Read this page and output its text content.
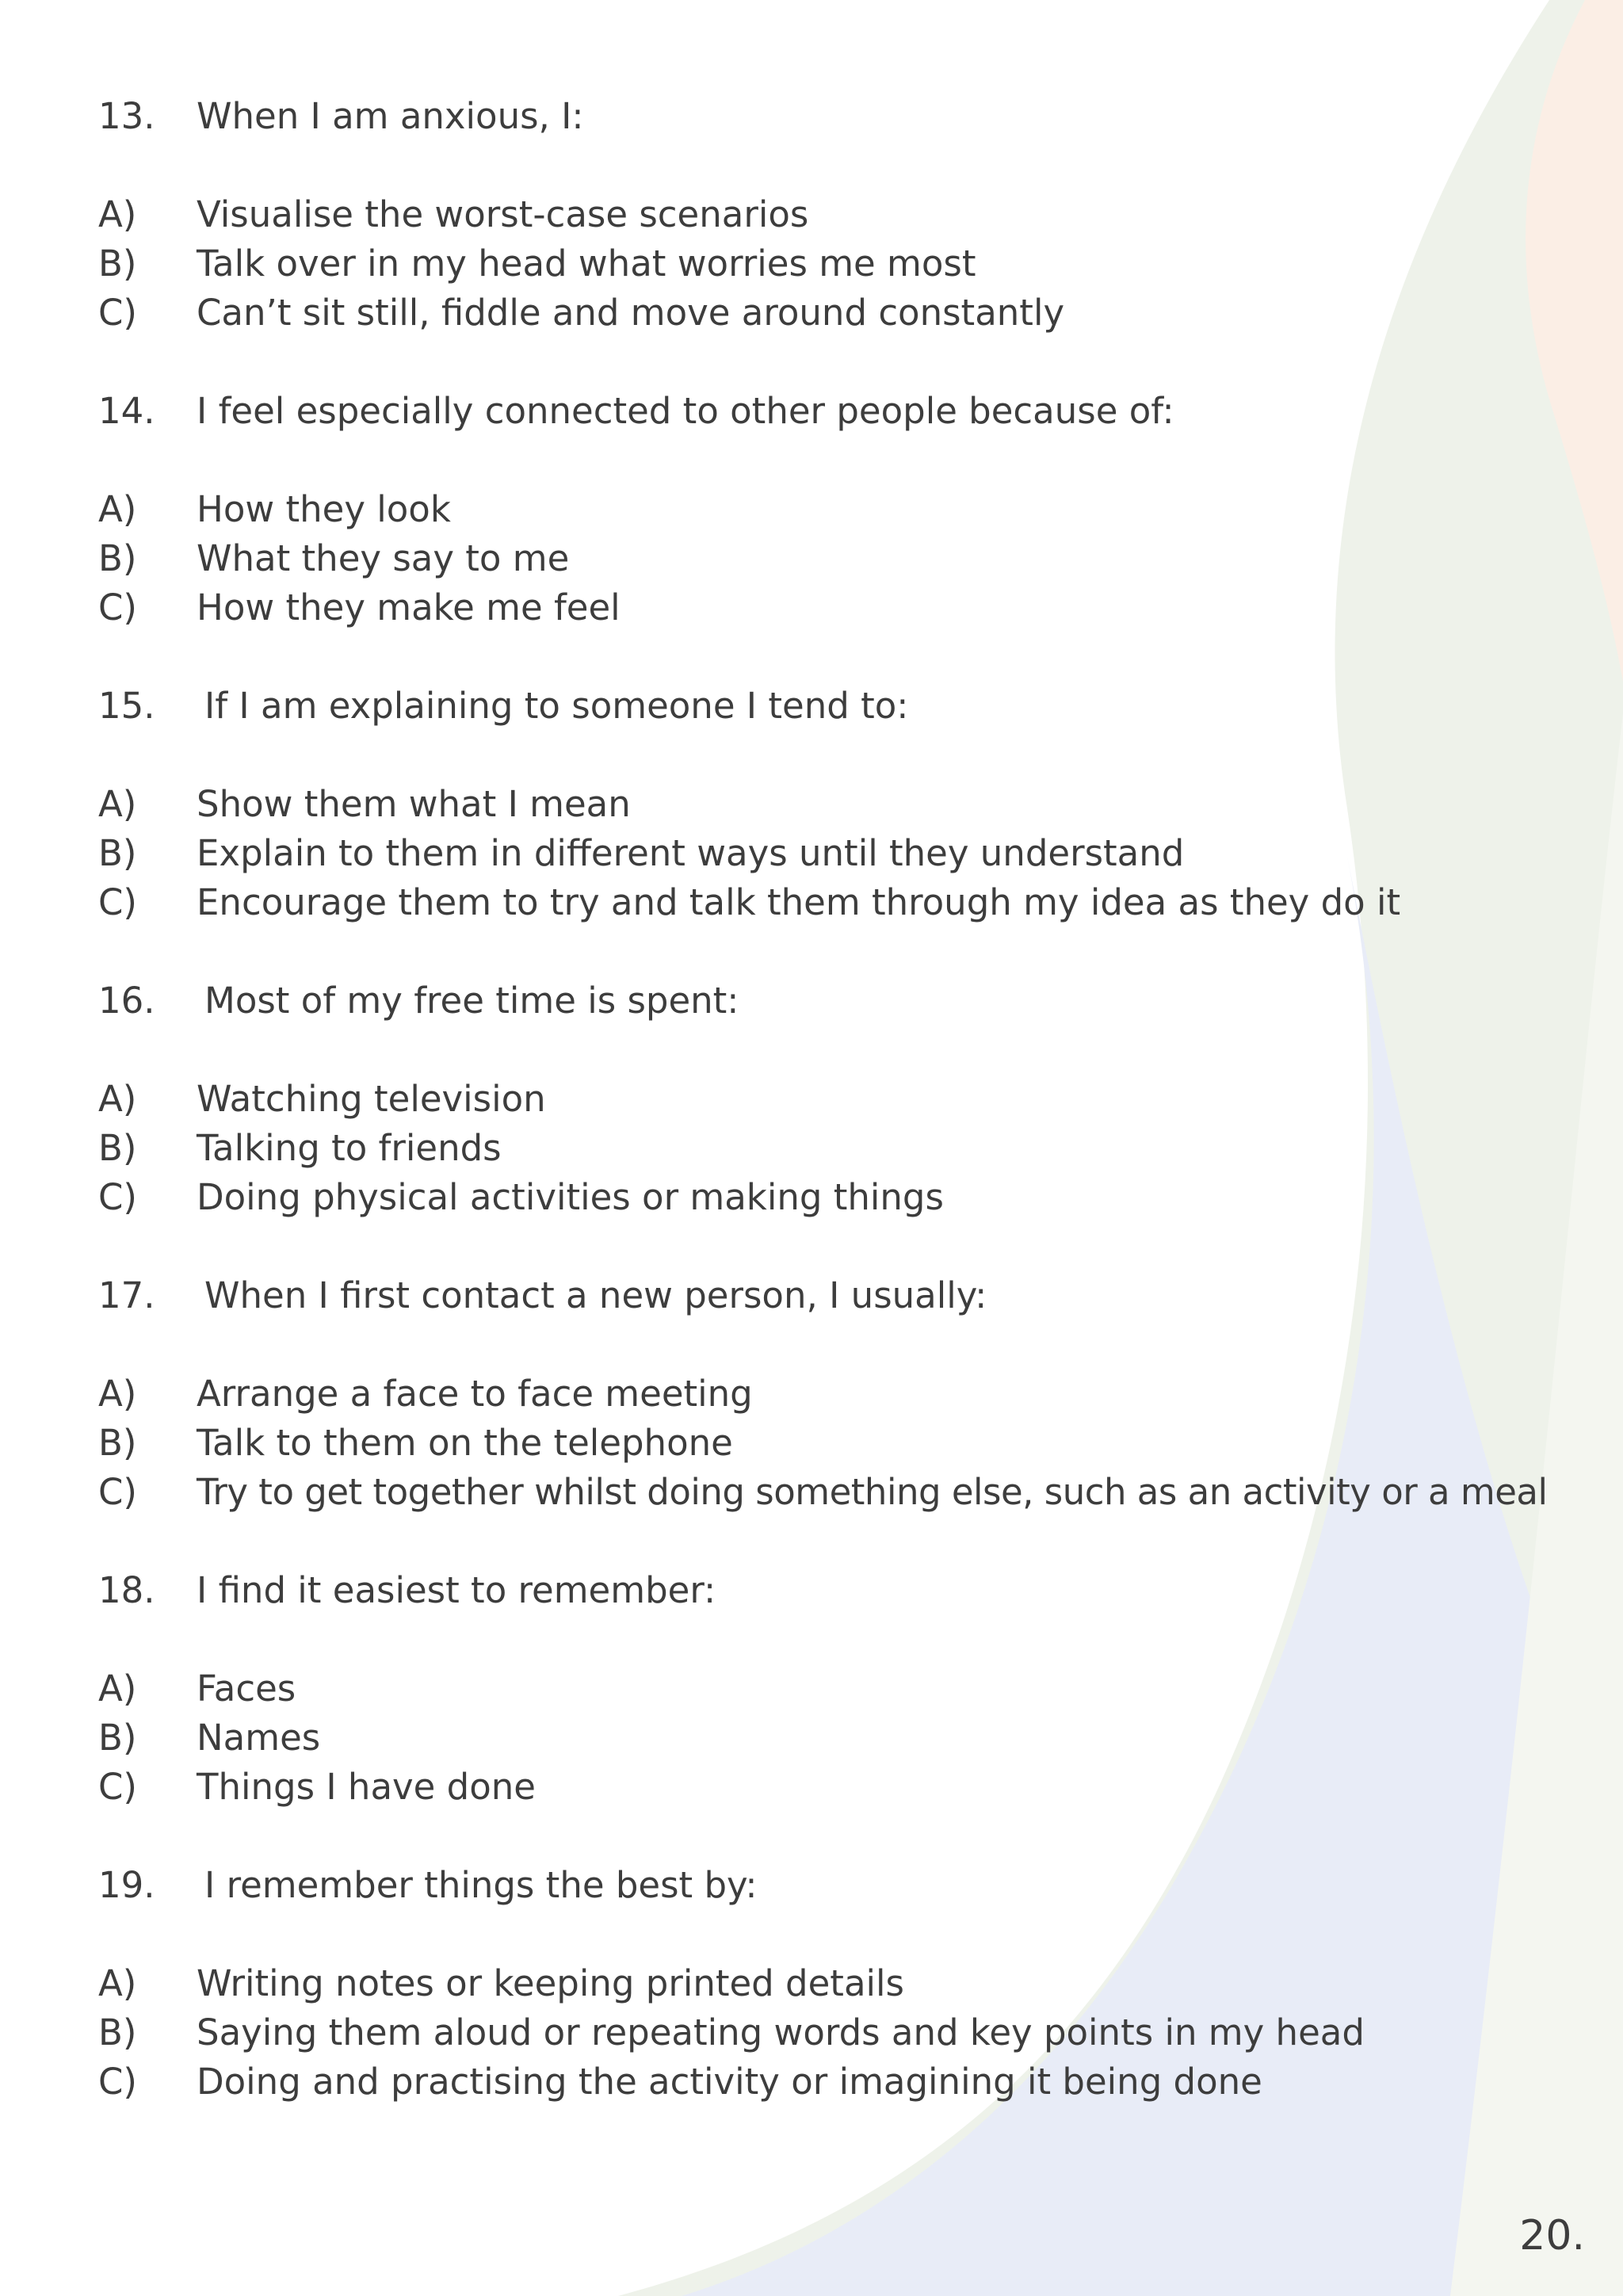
13. When I am anxious, I:
A) Visualise the worst-case scenarios
B) Talk over in my head what worries me most
C) Can’t sit still, fiddle and move around constantly
14. I feel especially connected to other people because of:
A) How they look
B) What they say to me
C) How they make me feel
15. If I am explaining to someone I tend to:
A) Show them what I mean
B) Explain to them in different ways until they understand
C) Encourage them to try and talk them through my idea as they do it
16. Most of my free time is spent:
A) Watching television
B) Talking to friends
C) Doing physical activities or making things
17. When I first contact a new person, I usually:
A) Arrange a face to face meeting
B) Talk to them on the telephone
C) Try to get together whilst doing something else, such as an activity or a meal
18. I find it easiest to remember:
A) Faces
B) Names
C) Things I have done
19. I remember things the best by:
A) Writing notes or keeping printed details
B) Saying them aloud or repeating words and key points in my head
C) Doing and practising the activity or imagining it being done
20.
